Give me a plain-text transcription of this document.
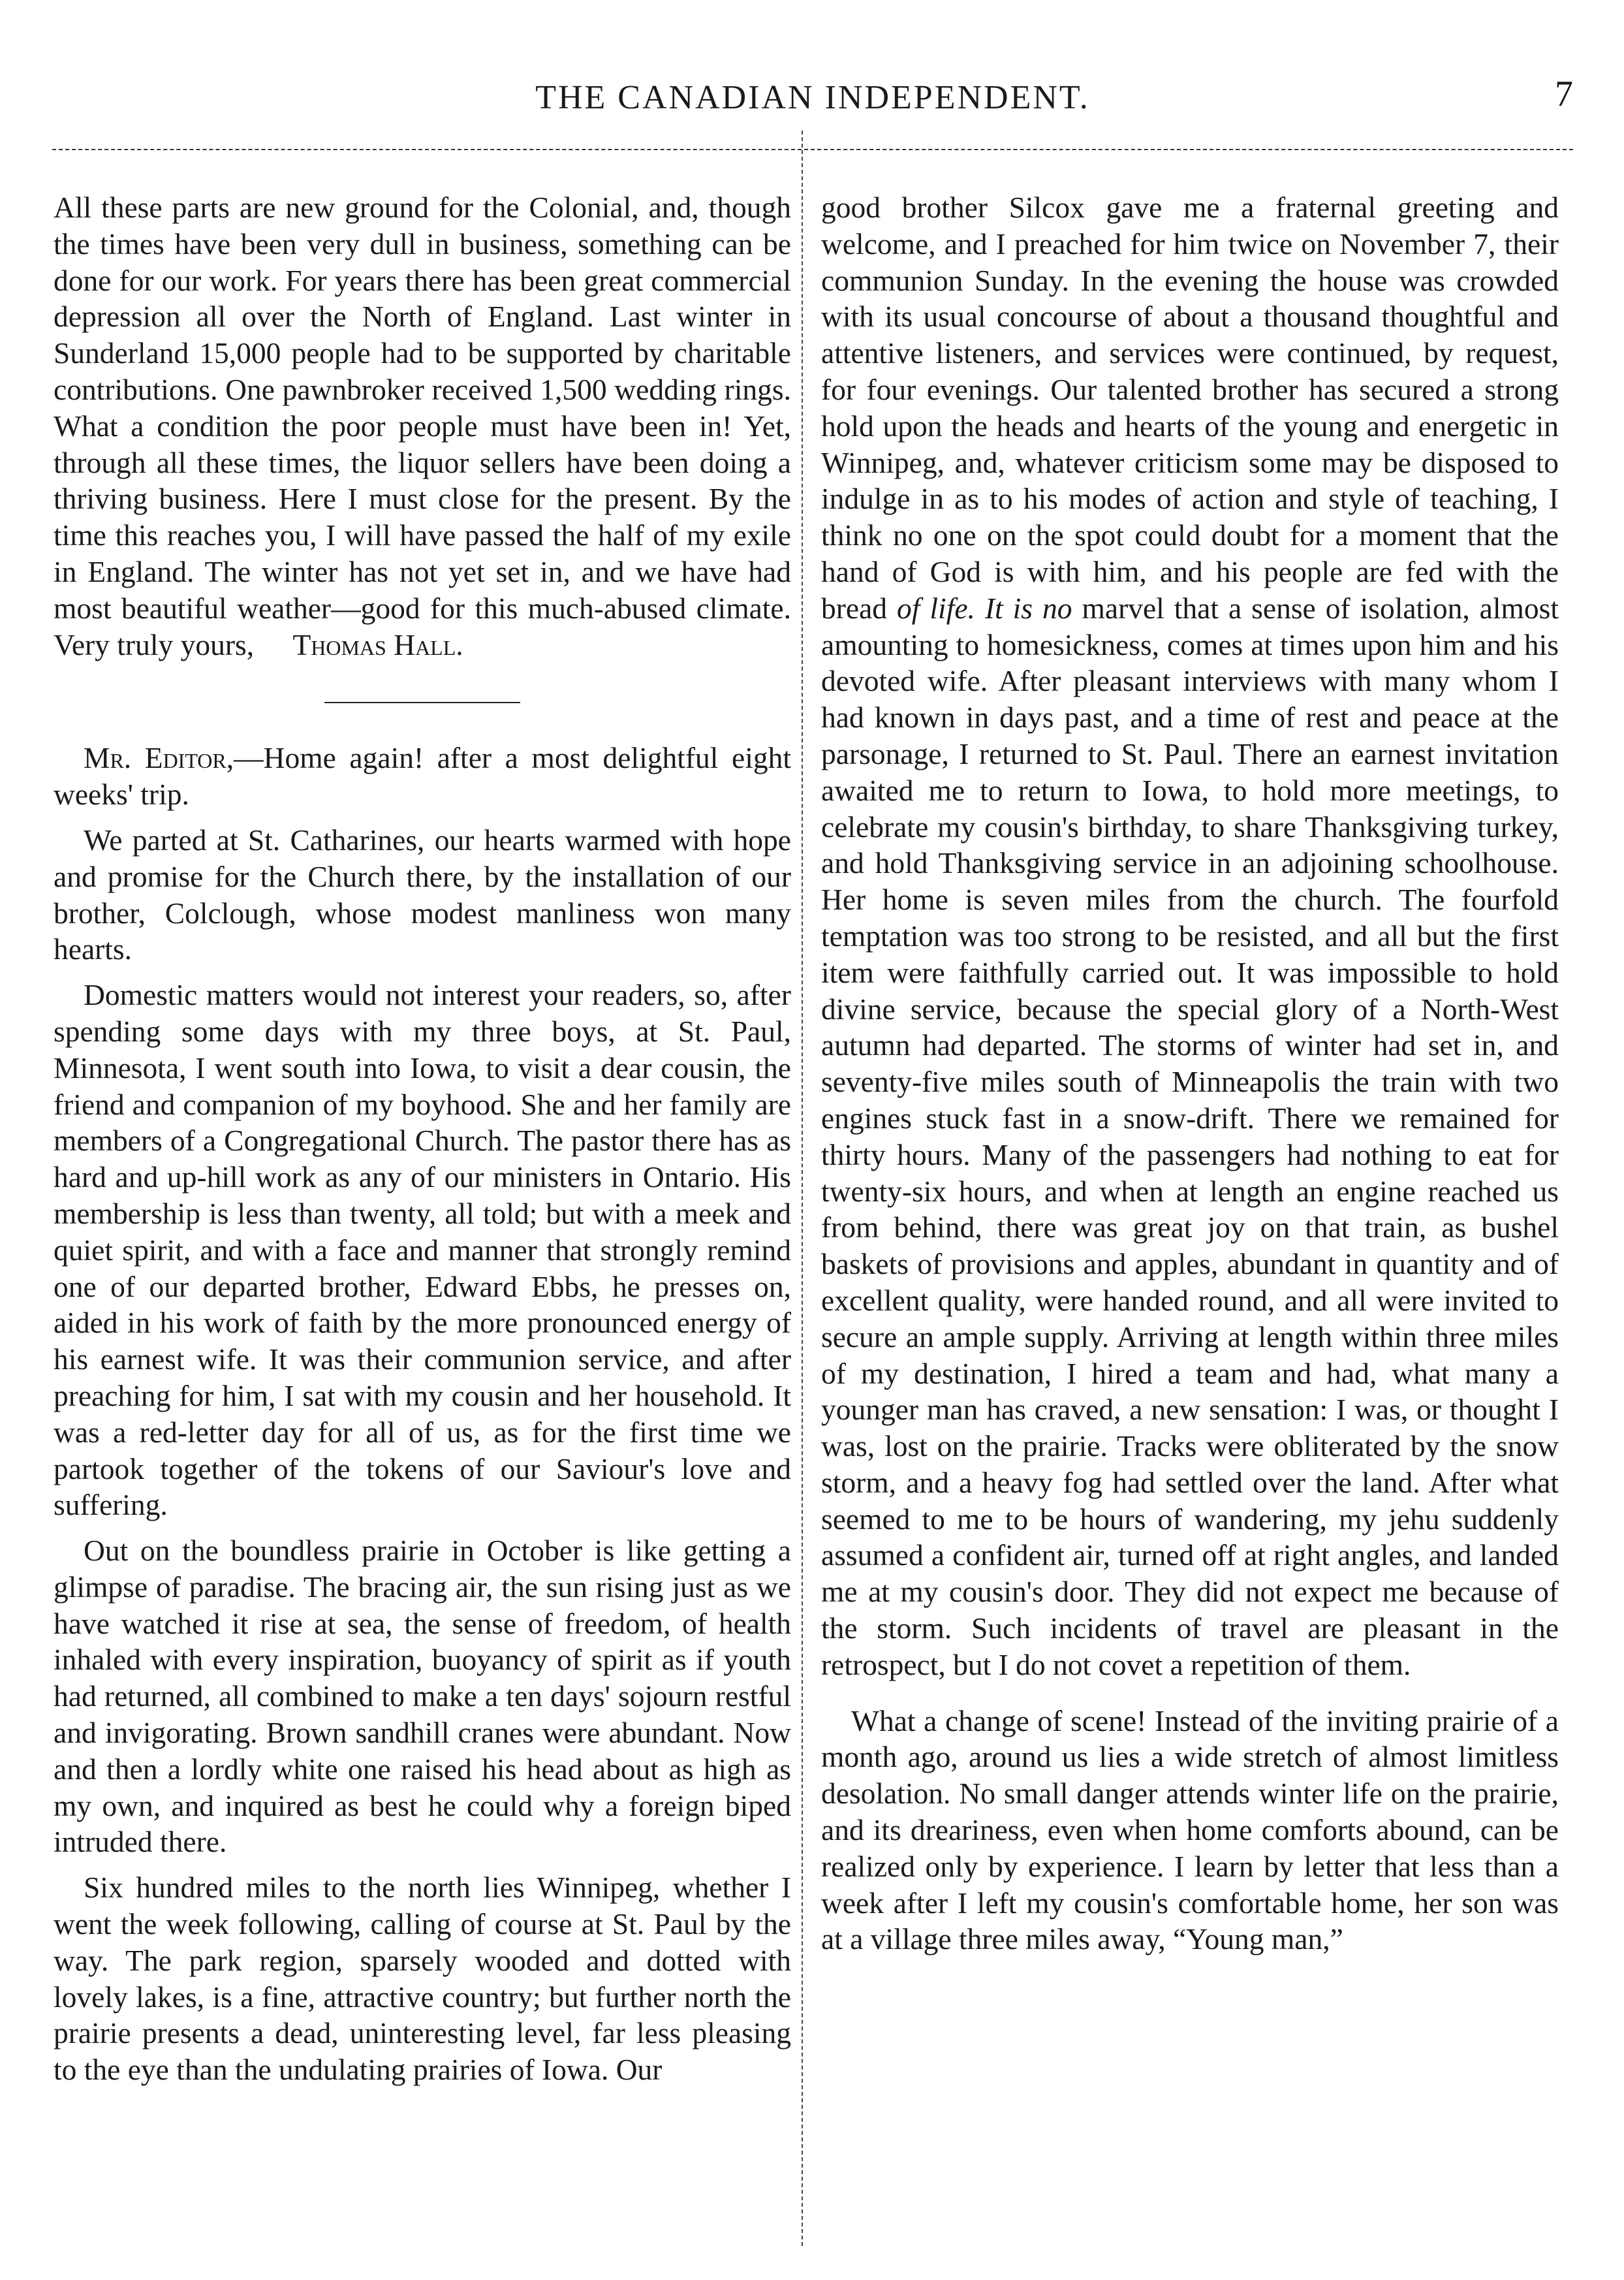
THE CANADIAN INDEPENDENT.	7

All these parts are new ground for the Colonial, and, though the times have been very dull in business, something can be done for our work. For years there has been great commercial depression all over the North of England. Last winter in Sunderland 15,000 people had to be supported by charitable contributions. One pawnbroker received 1,500 wedding rings. What a condition the poor people must have been in! Yet, through all these times, the liquor sellers have been doing a thriving business. Here I must close for the present. By the time this reaches you, I will have passed the half of my exile in England. The winter has not yet set in, and we have had most beautiful weather—good for this much-abused climate. Very truly yours, Thomas Hall.

Mr. Editor,—Home again! after a most delightful eight weeks' trip.

We parted at St. Catharines, our hearts warmed with hope and promise for the Church there, by the installation of our brother, Colclough, whose modest manliness won many hearts.

Domestic matters would not interest your readers, so, after spending some days with my three boys, at St. Paul, Minnesota, I went south into Iowa, to visit a dear cousin, the friend and companion of my boyhood. She and her family are members of a Congregational Church. The pastor there has as hard and up-hill work as any of our ministers in Ontario. His membership is less than twenty, all told; but with a meek and quiet spirit, and with a face and manner that strongly remind one of our departed brother, Edward Ebbs, he presses on, aided in his work of faith by the more pronounced energy of his earnest wife. It was their communion service, and after preaching for him, I sat with my cousin and her household. It was a red-letter day for all of us, as for the first time we partook together of the tokens of our Saviour's love and suffering.

Out on the boundless prairie in October is like getting a glimpse of paradise. The bracing air, the sun rising just as we have watched it rise at sea, the sense of freedom, of health inhaled with every inspiration, buoyancy of spirit as if youth had returned, all combined to make a ten days' sojourn restful and invigorating. Brown sandhill cranes were abundant. Now and then a lordly white one raised his head about as high as my own, and inquired as best he could why a foreign biped intruded there.

Six hundred miles to the north lies Winnipeg, whether I went the week following, calling of course at St. Paul by the way. The park region, sparsely wooded and dotted with lovely lakes, is a fine, attractive country; but further north the prairie presents a dead, uninteresting level, far less pleasing to the eye than the undulating prairies of Iowa. Our

good brother Silcox gave me a fraternal greeting and welcome, and I preached for him twice on November 7, their communion Sunday. In the evening the house was crowded with its usual concourse of about a thousand thoughtful and attentive listeners, and services were continued, by request, for four evenings. Our talented brother has secured a strong hold upon the heads and hearts of the young and energetic in Winnipeg, and, whatever criticism some may be disposed to indulge in as to his modes of action and style of teaching, I think no one on the spot could doubt for a moment that the hand of God is with him, and his people are fed with the bread of life. It is no marvel that a sense of isolation, almost amounting to homesickness, comes at times upon him and his devoted wife. After pleasant interviews with many whom I had known in days past, and a time of rest and peace at the parsonage, I returned to St. Paul. There an earnest invitation awaited me to return to Iowa, to hold more meetings, to celebrate my cousin's birthday, to share Thanksgiving turkey, and hold Thanksgiving service in an adjoining schoolhouse. Her home is seven miles from the church. The fourfold temptation was too strong to be resisted, and all but the first item were faithfully carried out. It was impossible to hold divine service, because the special glory of a North-West autumn had departed. The storms of winter had set in, and seventy-five miles south of Minneapolis the train with two engines stuck fast in a snow-drift. There we remained for thirty hours. Many of the passengers had nothing to eat for twenty-six hours, and when at length an engine reached us from behind, there was great joy on that train, as bushel baskets of provisions and apples, abundant in quantity and of excellent quality, were handed round, and all were invited to secure an ample supply. Arriving at length within three miles of my destination, I hired a team and had, what many a younger man has craved, a new sensation: I was, or thought I was, lost on the prairie. Tracks were obliterated by the snow storm, and a heavy fog had settled over the land. After what seemed to me to be hours of wandering, my jehu suddenly assumed a confident air, turned off at right angles, and landed me at my cousin's door. They did not expect me because of the storm. Such incidents of travel are pleasant in the retrospect, but I do not covet a repetition of them.

What a change of scene! Instead of the inviting prairie of a month ago, around us lies a wide stretch of almost limitless desolation. No small danger attends winter life on the prairie, and its dreariness, even when home comforts abound, can be realized only by experience. I learn by letter that less than a week after I left my cousin's comfortable home, her son was at a village three miles away, “Young man,”
